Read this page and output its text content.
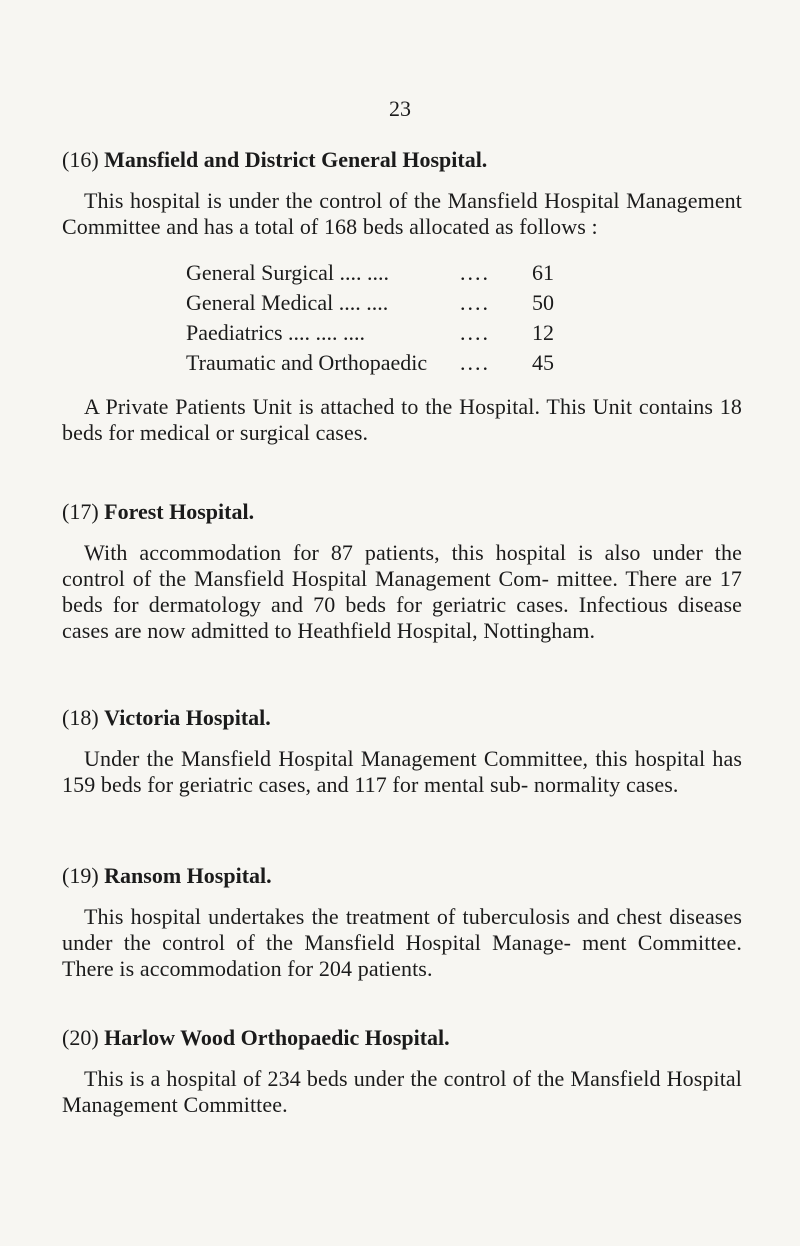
23

(16) Mansfield and District General Hospital.

This hospital is under the control of the Mansfield Hospital Management Committee and has a total of 168 beds allocated as follows :

General Surgical .... ....	....	61
General Medical .... ....	....	50
Paediatrics .... .... ....	....	12
Traumatic and Orthopaedic	....	45

A Private Patients Unit is attached to the Hospital. This Unit contains 18 beds for medical or surgical cases.

(17) Forest Hospital.

With accommodation for 87 patients, this hospital is also under the control of the Mansfield Hospital Management Com- mittee. There are 17 beds for dermatology and 70 beds for geriatric cases. Infectious disease cases are now admitted to Heathfield Hospital, Nottingham.

(18) Victoria Hospital.

Under the Mansfield Hospital Management Committee, this hospital has 159 beds for geriatric cases, and 117 for mental sub- normality cases.

(19) Ransom Hospital.

This hospital undertakes the treatment of tuberculosis and chest diseases under the control of the Mansfield Hospital Manage- ment Committee. There is accommodation for 204 patients.

(20) Harlow Wood Orthopaedic Hospital.

This is a hospital of 234 beds under the control of the Mansfield Hospital Management Committee.
